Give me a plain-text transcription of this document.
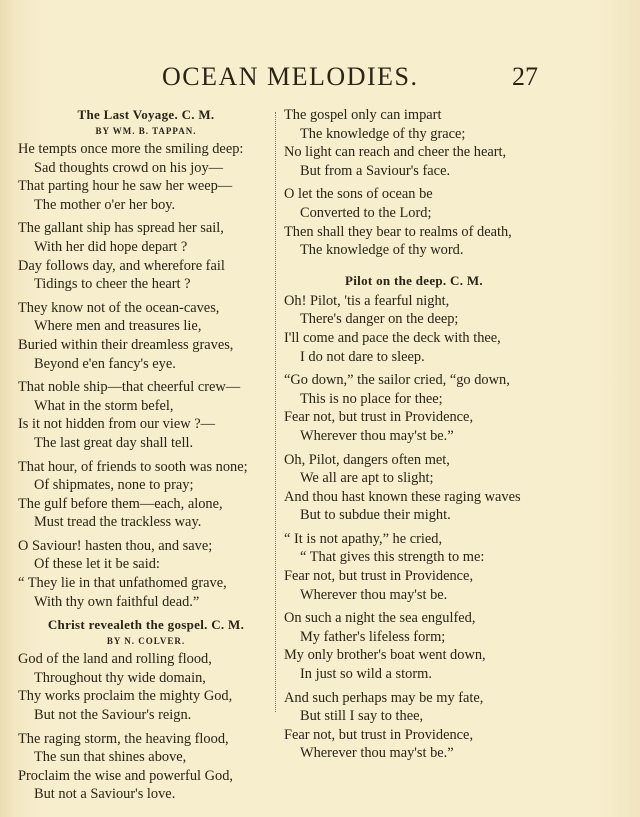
OCEAN MELODIES.	27

The Last Voyage. C. M.

BY WM. B. TAPPAN.

He tempts once more the smiling deep:

Sad thoughts crowd on his joy—

That parting hour he saw her weep—

The mother o'er her boy.

The gallant ship has spread her sail,

With her did hope depart ?

Day follows day, and wherefore fail

Tidings to cheer the heart ?

They know not of the ocean-caves,

Where men and treasures lie,

Buried within their dreamless graves,

Beyond e'en fancy's eye.

That noble ship—that cheerful crew—

What in the storm befel,

Is it not hidden from our view ?—

The last great day shall tell.

That hour, of friends to sooth was none;

Of shipmates, none to pray;

The gulf before them—each, alone,

Must tread the trackless way.

O Saviour! hasten thou, and save;

Of these let it be said:

“ They lie in that unfathomed grave,

With thy own faithful dead.”

Christ revealeth the gospel. C. M.

BY N. COLVER.

God of the land and rolling flood,

Throughout thy wide domain,

Thy works proclaim the mighty God,

But not the Saviour's reign.

The raging storm, the heaving flood,

The sun that shines above,

Proclaim the wise and powerful God,

But not a Saviour's love.

The gospel only can impart

The knowledge of thy grace;

No light can reach and cheer the heart,

But from a Saviour's face.

O let the sons of ocean be

Converted to the Lord;

Then shall they bear to realms of death,

The knowledge of thy word.

Pilot on the deep. C. M.

Oh! Pilot, 'tis a fearful night,

There's danger on the deep;

I'll come and pace the deck with thee,

I do not dare to sleep.

“Go down,” the sailor cried, “go down,

This is no place for thee;

Fear not, but trust in Providence,

Wherever thou may'st be.”

Oh, Pilot, dangers often met,

We all are apt to slight;

And thou hast known these raging waves

But to subdue their might.

“ It is not apathy,” he cried,

“ That gives this strength to me:

Fear not, but trust in Providence,

Wherever thou may'st be.

On such a night the sea engulfed,

My father's lifeless form;

My only brother's boat went down,

In just so wild a storm.

And such perhaps may be my fate,

But still I say to thee,

Fear not, but trust in Providence,

Wherever thou may'st be.”
